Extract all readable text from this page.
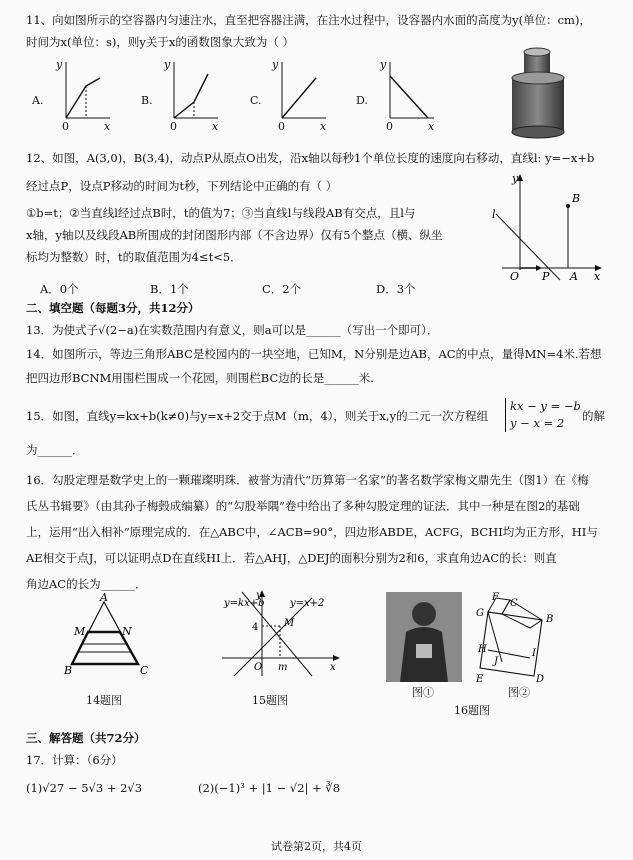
11、向如图所示的空容器内匀速注水，直至把容器注满，在注水过程中，设容器内水面的高度为y(单位：cm)，
时间为x(单位：s)，则y关于x的函数图象大致为（ ）
A.	B.	C.	D.
y
0	x
y
0	x
y
0	x
y
0	x
12、如图，A(3,0)，B(3,4)，动点P从原点O出发，沿x轴以每秒1个单位长度的速度向右移动，直线l: y=−x+b
经过点P，设点P移动的时间为t秒，下列结论中正确的有（ ）
①b=t；②当直线l经过点B时，t的值为7；③当直线l与线段AB有交点，且l与
x轴，y轴以及线段AB所围成的封闭图形内部（不含边界）仅有5个整点（横、纵坐
标均为整数）时，t的取值范围为4≤t<5．
A．0个	B．1个	C．2个	D．3个
y
B
l
O P A x
二、填空题（每题3分，共12分）
13．为使式子√(2−a)在实数范围内有意义，则a可以是______（写出一个即可）．
14．如图所示，等边三角形ABC是校园内的一块空地，已知M，N分别是边AB，AC的中点，量得MN=4米.若想
把四边形BCNM用围栏围成一个花园，则围栏BC边的长是______米.
15．如图，直线y=kx+b(k≠0)与y=x+2交于点M（m，4），则关于x,y的二元一次方程组
kx − y = −b
y − x = 2	的解
为______．
16．勾股定理是数学史上的一颗璀璨明珠．被誉为清代“历算第一名家”的著名数学家梅文鼎先生（图1）在《梅
氏丛书辑要》（由其孙子梅瑴成编纂）的“勾股举隅”卷中给出了多种勾股定理的证法．其中一种是在图2的基础
上，运用“出入相补”原理完成的．在△ABC中，∠ACB=90°，四边形ABDE，ACFG，BCHI均为正方形，HI与
AE相交于点J，可以证明点D在直线HI上．若△AHJ，△DEJ的面积分别为2和6，求直角边AC的长：则直
角边AC的长为______．
A
M	N
B	C
14题图
y=kx+b	y=x+2
y
4	M
O m	x
15题图
图①
F
C
G
B
H	I
J
E	D
图②
16题图
三、解答题（共72分）
17．计算：（6分）
(1)√27 − 5√3 + 2√3	(2)(−1)³ + |1 − √2| + ∛8
试卷第2页，共4页
